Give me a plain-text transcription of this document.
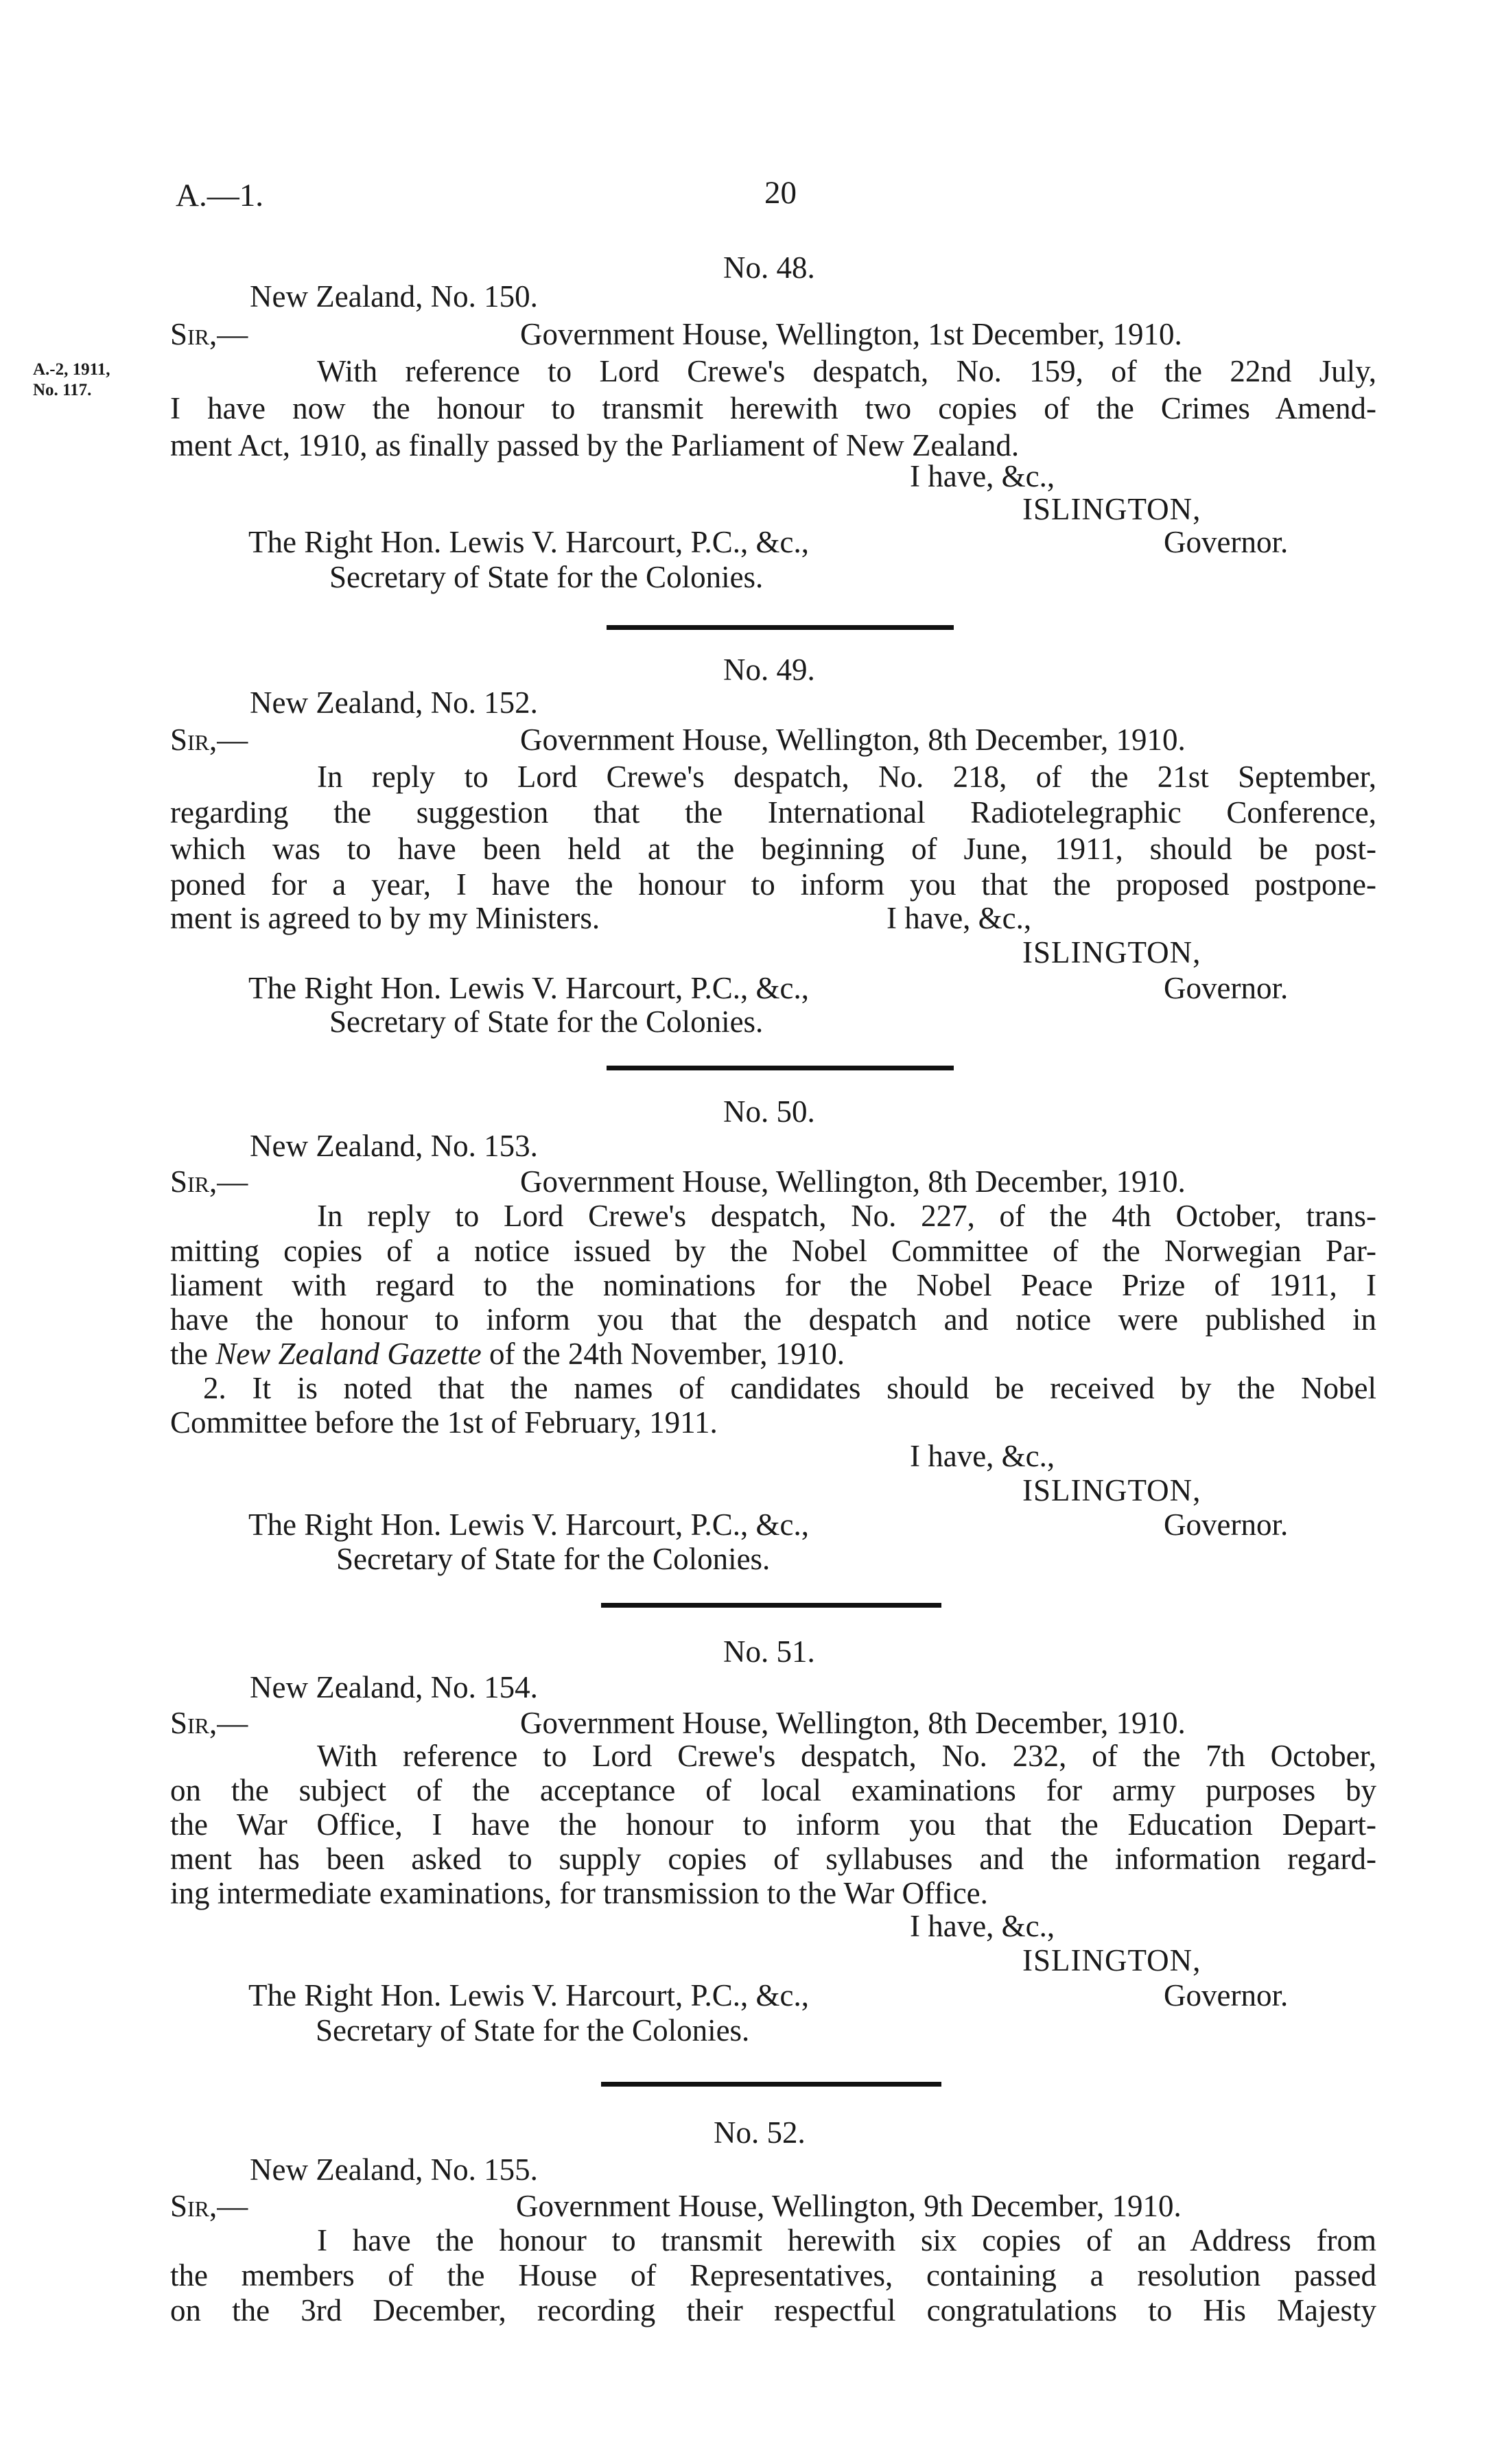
A.—1.	20
A.-2, 1911,
No. 117.
No. 48.
New Zealand, No. 150.
Sir,—	Government House, Wellington, 1st December, 1910.
With reference to Lord Crewe's despatch, No. 159, of the 22nd July,
I have now the honour to transmit herewith two copies of the Crimes Amend-
ment Act, 1910, as finally passed by the Parliament of New Zealand.
I have, &c.,
ISLINGTON,
The Right Hon. Lewis V. Harcourt, P.C., &c.,	Governor.
Secretary of State for the Colonies.
No. 49.
New Zealand, No. 152.
Sir,—	Government House, Wellington, 8th December, 1910.
In reply to Lord Crewe's despatch, No. 218, of the 21st September,
regarding the suggestion that the International Radiotelegraphic Conference,
which was to have been held at the beginning of June, 1911, should be post-
poned for a year, I have the honour to inform you that the proposed postpone-
ment is agreed to by my Ministers.	I have, &c.,
ISLINGTON,
The Right Hon. Lewis V. Harcourt, P.C., &c.,	Governor.
Secretary of State for the Colonies.
No. 50.
New Zealand, No. 153.
Sir,—	Government House, Wellington, 8th December, 1910.
In reply to Lord Crewe's despatch, No. 227, of the 4th October, trans-
mitting copies of a notice issued by the Nobel Committee of the Norwegian Par-
liament with regard to the nominations for the Nobel Peace Prize of 1911, I
have the honour to inform you that the despatch and notice were published in
the New Zealand Gazette of the 24th November, 1910.
2. It is noted that the names of candidates should be received by the Nobel
Committee before the 1st of February, 1911.
I have, &c.,
ISLINGTON,
The Right Hon. Lewis V. Harcourt, P.C., &c.,	Governor.
Secretary of State for the Colonies.
No. 51.
New Zealand, No. 154.
Sir,—	Government House, Wellington, 8th December, 1910.
With reference to Lord Crewe's despatch, No. 232, of the 7th October,
on the subject of the acceptance of local examinations for army purposes by
the War Office, I have the honour to inform you that the Education Depart-
ment has been asked to supply copies of syllabuses and the information regard-
ing intermediate examinations, for transmission to the War Office.
I have, &c.,
ISLINGTON,
The Right Hon. Lewis V. Harcourt, P.C., &c.,	Governor.
Secretary of State for the Colonies.
No. 52.
New Zealand, No. 155.
Sir,—	Government House, Wellington, 9th December, 1910.
I have the honour to transmit herewith six copies of an Address from
the members of the House of Representatives, containing a resolution passed
on the 3rd December, recording their respectful congratulations to His Majesty
